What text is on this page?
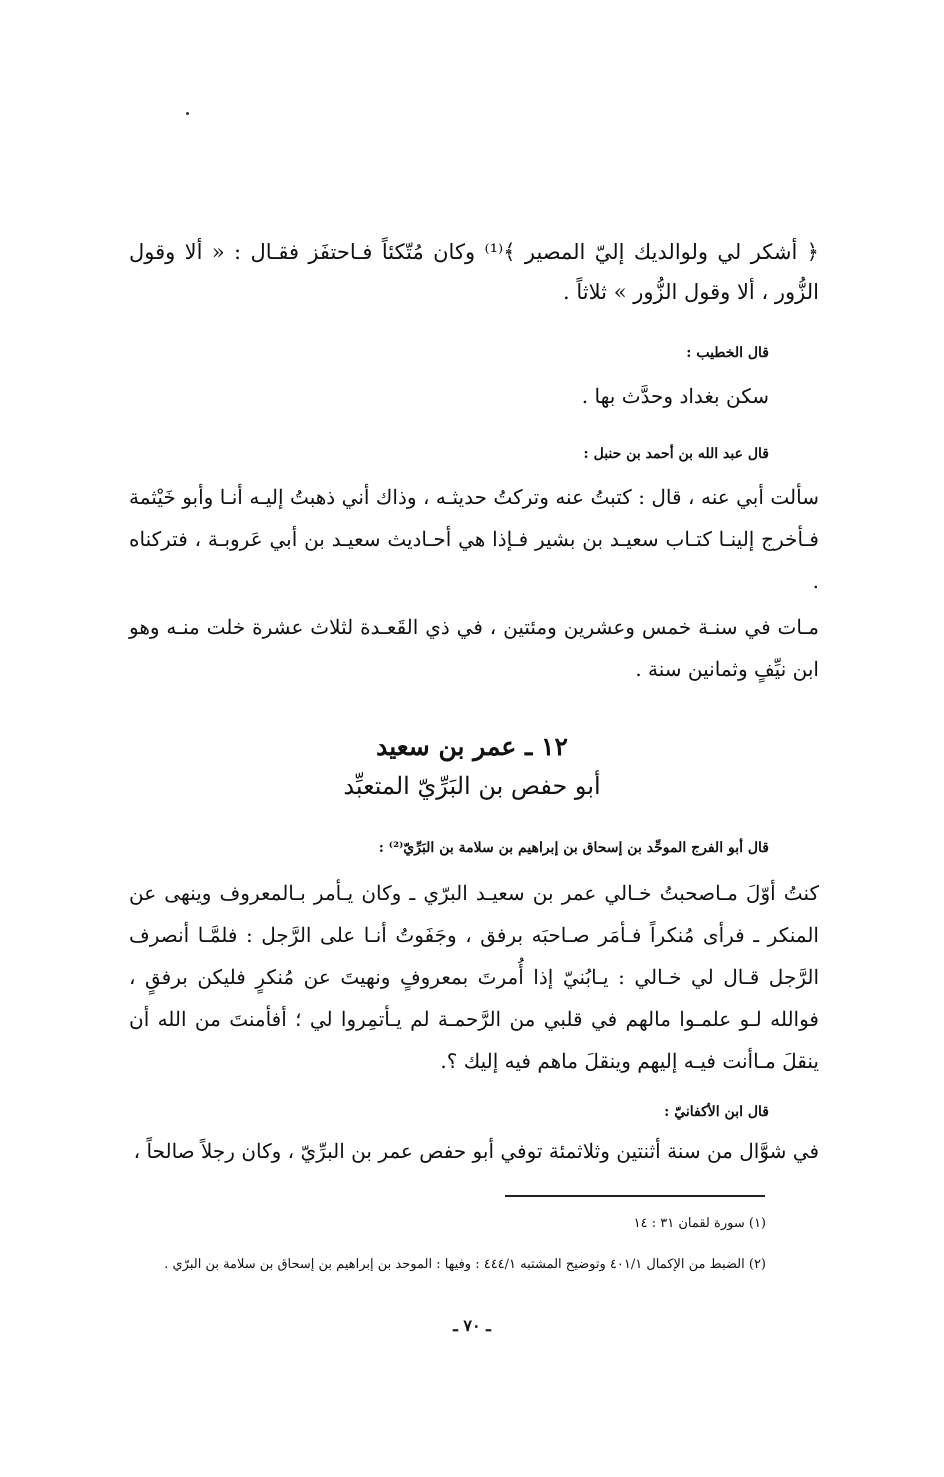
﴿ أشكر لي ولوالديك إليّ المصير ﴾⁽¹⁾ وكان مُتّكئاً فـاحتفَز فقـال : « ألا وقول الزُّور ، ألا وقول الزُّور » ثلاثاً .
قال الخطيب :
سكن بغداد وحدَّث بها .
قال عبد الله بن أحمد بن حنبل :
سألت أبي عنه ، قال : كتبتُ عنه وتركتُ حديثـه ، وذاك أني ذهبتُ إليـه أنـا وأبو خَيْثمة فـأخرج إلينـا كتـاب سعيـد بن بشير فـإذا هي أحـاديث سعيـد بن أبي عَروبـة ، فتركناه .
مـات في سنـة خمس وعشرين ومئتين ، في ذي القَعـدة لثلاث عشرة خلت منـه وهو ابن نيِّفٍ وثمانين سنة .
١٢ ـ عمر بن سعيد
أبو حفص بن البَرِّيّ المتعبِّد
قال أبو الفرج الموحِّد بن إسحاق بن إبراهيم بن سلامة بن البَرِّيّ⁽²⁾ :
كنتُ أوّلَ مـاصحبتُ خـالي عمر بن سعيـد البرّي ـ وكان يـأمر بـالمعروف وينهى عن المنكر ـ فرأى مُنكراً فـأمَر صـاحبَه برفق ، وجَفَوتُ أنـا على الرَّجل : فلمَّـا أنصرف الرَّجل قـال لي خـالي : يـابُنيّ إذا أُمرتَ بمعروفٍ ونهيتَ عن مُنكرٍ فليكن برفقٍ ، فوالله لـو علمـوا مالهم في قلبي من الرَّحمـة لم يـأتمِروا لي ؛ أفأمنتَ من الله أن ينقلَ مـاأنت فيـه إليهم وينقلَ ماهم فيه إليك ؟.
قال ابن الأكفانيّ :
في شوَّال من سنة أثنتين وثلاثمئة توفي أبو حفص عمر بن البرِّيّ ، وكان رجلاً صالحاً ،
(١) سورة لقمان ٣١ : ١٤
(٢) الضبط من الإكمال ٤٠١/١ وتوضيح المشتبه ٤٤٤/١ : وفيها : الموحد بن إبراهيم بن إسحاق بن سلامة بن البرّي .
ـ ٧٠ ـ
